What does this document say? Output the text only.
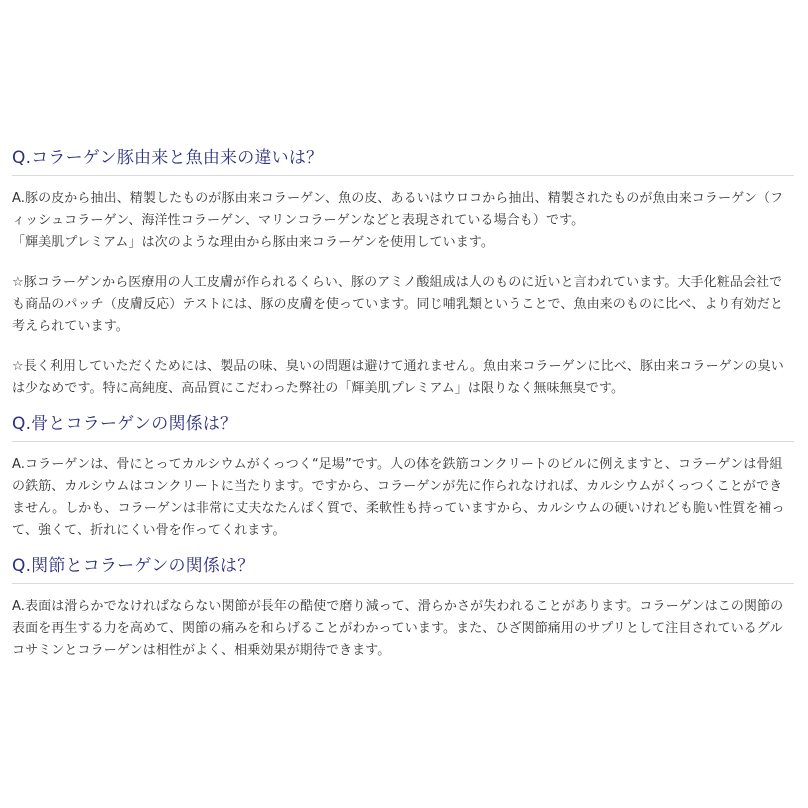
Q.コラーゲン豚由来と魚由来の違いは？

A.豚の皮から抽出、精製したものが豚由来コラーゲン、魚の皮、あるいはウロコから抽出、精製されたものが魚由来コラーゲン（フィッシュコラーゲン、海洋性コラーゲン、マリンコラーゲンなどと表現されている場合も）です。

「輝美肌プレミアム」は次のような理由から豚由来コラーゲンを使用しています。

☆豚コラーゲンから医療用の人工皮膚が作られるくらい、豚のアミノ酸組成は人のものに近いと言われています。大手化粧品会社でも商品のパッチ（皮膚反応）テストには、豚の皮膚を使っています。同じ哺乳類ということで、魚由来のものに比べ、より有効だと考えられています。

☆長く利用していただくためには、製品の味、臭いの問題は避けて通れません。魚由来コラーゲンに比べ、豚由来コラーゲンの臭いは少なめです。特に高純度、高品質にこだわった弊社の「輝美肌プレミアム」は限りなく無味無臭です。

Q.骨とコラーゲンの関係は？

A.コラーゲンは、骨にとってカルシウムがくっつく“足場”です。人の体を鉄筋コンクリートのビルに例えますと、コラーゲンは骨組の鉄筋、カルシウムはコンクリートに当たります。ですから、コラーゲンが先に作られなければ、カルシウムがくっつくことができません。しかも、コラーゲンは非常に丈夫なたんぱく質で、柔軟性も持っていますから、カルシウムの硬いけれども脆い性質を補って、強くて、折れにくい骨を作ってくれます。

Q.関節とコラーゲンの関係は？

A.表面は滑らかでなければならない関節が長年の酷使で磨り減って、滑らかさが失われることがあります。コラーゲンはこの関節の表面を再生する力を高めて、関節の痛みを和らげることがわかっています。また、ひざ関節痛用のサプリとして注目されているグルコサミンとコラーゲンは相性がよく、相乗効果が期待できます。
